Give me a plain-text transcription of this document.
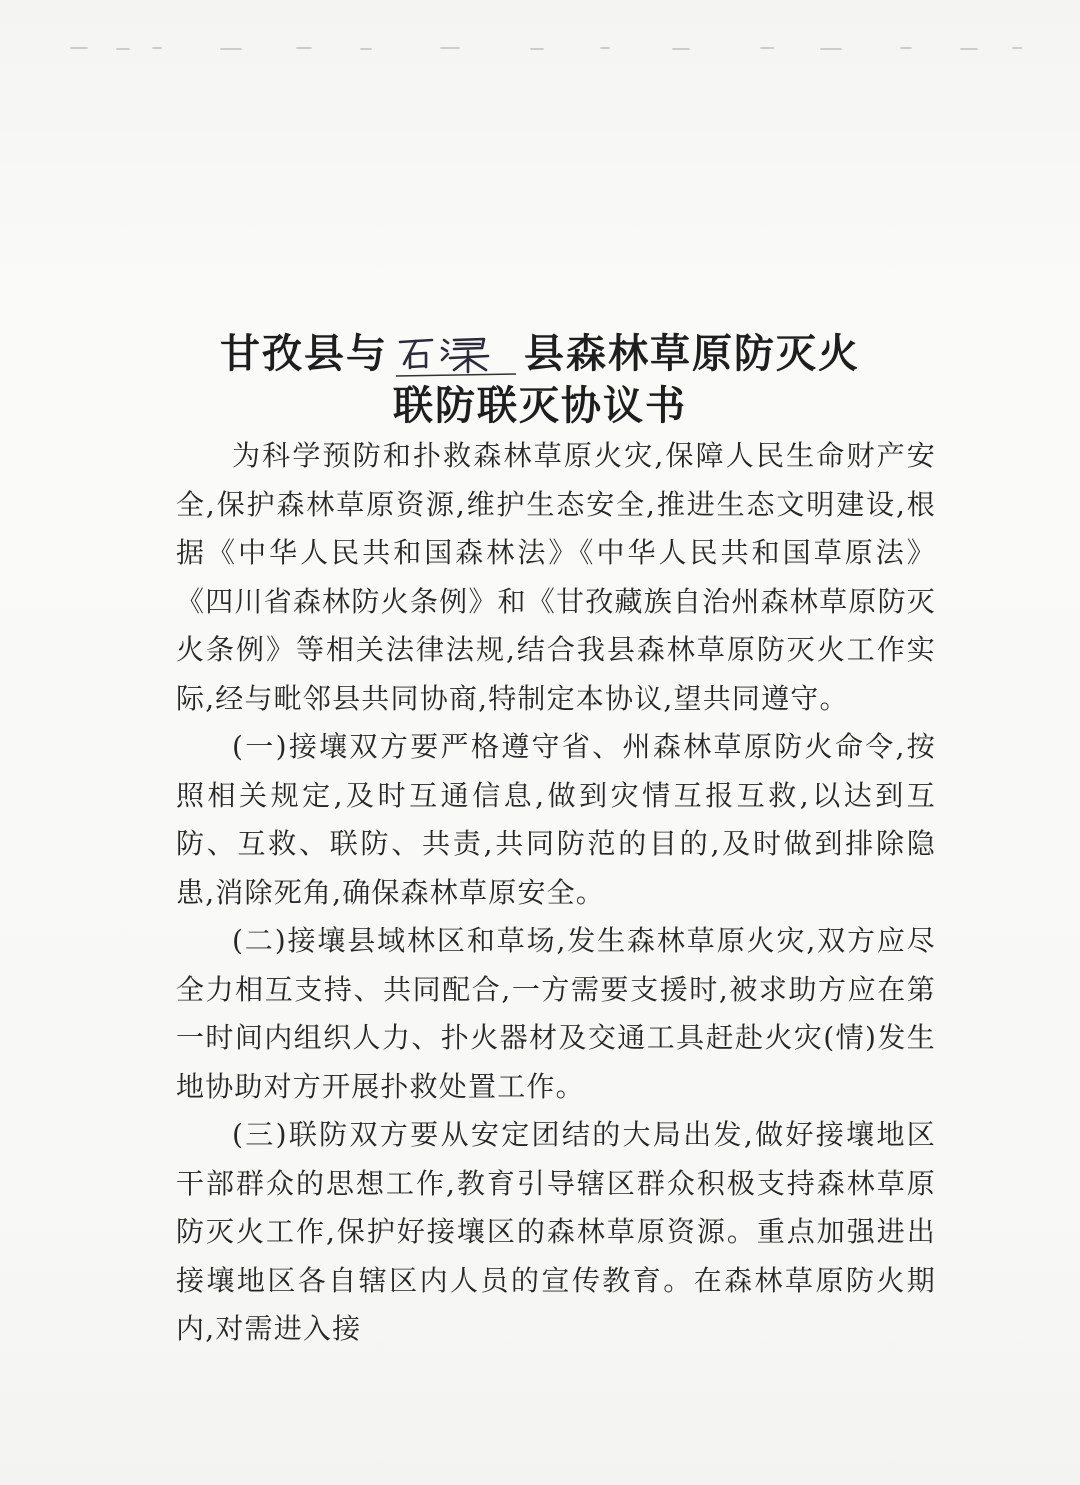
甘孜县与	县森林草原防灭火
联防联灭协议书

为科学预防和扑救森林草原火灾,保障人民生命财产安全,保护森林草原资源,维护生态安全,推进生态文明建设,根据《中华人民共和国森林法》《中华人民共和国草原法》《四川省森林防火条例》和《甘孜藏族自治州森林草原防灭火条例》等相关法律法规,结合我县森林草原防灭火工作实际,经与毗邻县共同协商,特制定本协议,望共同遵守。

(一)接壤双方要严格遵守省、州森林草原防火命令,按照相关规定,及时互通信息,做到灾情互报互救,以达到互防、互救、联防、共责,共同防范的目的,及时做到排除隐患,消除死角,确保森林草原安全。

(二)接壤县域林区和草场,发生森林草原火灾,双方应尽全力相互支持、共同配合,一方需要支援时,被求助方应在第一时间内组织人力、扑火器材及交通工具赶赴火灾(情)发生地协助对方开展扑救处置工作。

(三)联防双方要从安定团结的大局出发,做好接壤地区干部群众的思想工作,教育引导辖区群众积极支持森林草原防灭火工作,保护好接壤区的森林草原资源。重点加强进出接壤地区各自辖区内人员的宣传教育。在森林草原防火期内,对需进入接
